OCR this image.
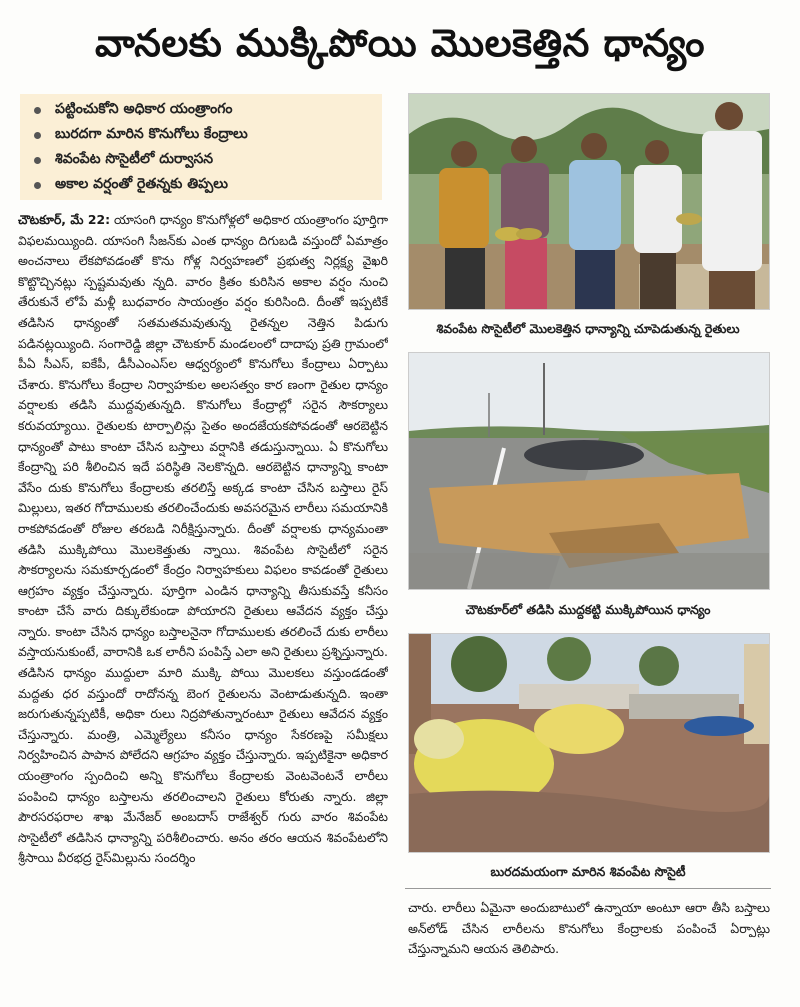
వానలకు ముక్కిపోయి మొలకెత్తిన ధాన్యం
పట్టించుకోని అధికార యంత్రాంగం
బురదగా మారిన కొనుగోలు కేంద్రాలు
శివంపేట సొసైటీలో దుర్వాసన
అకాల వర్షంతో రైతన్నకు తిప్పలు

చౌటకూర్, మే 22: యాసంగి ధాన్యం కొనుగోళ్లలో అధికార యంత్రాంగం పూర్తిగా విఫలమయ్యింది. యాసంగి సీజన్‌కు ఎంత ధాన్యం దిగుబడి వస్తుందో ఏమాత్రం అంచనాలు లేకపోవడంతో కొను గోళ్ల నిర్వహణలో ప్రభుత్వ నిర్లక్ష్య వైఖరి కొట్టొచ్చినట్లు స్పష్టమవుతు న్నది. వారం క్రితం కురిసిన అకాల వర్షం నుంచి తేరుకునే లోపే మళ్లీ బుధవారం సాయంత్రం వర్షం కురిసింది. దీంతో ఇప్పటికే తడిసిన ధాన్యంతో సతమతమవుతున్న రైతన్నల నెత్తిన పిడుగు పడినట్లయ్యింది. సంగారెడ్డి జిల్లా చౌటకూర్ మండలంలో దాదాపు ప్రతి గ్రామంలో పీఏ సీఎస్, ఐకేపీ, డీసీఎంఎస్‌ల ఆధ్వర్యంలో కొనుగోలు కేంద్రాలు ఏర్పాటు చేశారు. కొనుగోలు కేంద్రాల నిర్వాహకుల అలసత్వం కార ణంగా రైతుల ధాన్యం వర్షాలకు తడిసి ముద్దవుతున్నది. కొనుగోలు కేంద్రాల్లో సరైన సౌకర్యాలు కరువయ్యాయి. రైతులకు టార్పాలిన్లు సైతం అందజేయకపోవడంతో ఆరబెట్టిన ధాన్యంతో పాటు కాంటా చేసిన బస్తాలు వర్షానికి తడుస్తున్నాయి. ఏ కొనుగోలు కేంద్రాన్ని పరి శీలించిన ఇదే పరిస్థితి నెలకొన్నది. ఆరబెట్టిన ధాన్యాన్ని కాంటా వేసేం దుకు కొనుగోలు కేంద్రాలకు తరలిస్తే అక్కడ కాంటా చేసిన బస్తాలు రైస్ మిల్లులు, ఇతర గోదాములకు తరలించేందుకు అవసరమైన లారీలు సమయానికి రాకపోవడంతో రోజుల తరబడి నిరీక్షిస్తున్నారు. దీంతో వర్షాలకు ధాన్యమంతా తడిసి ముక్కిపోయి మొలకెత్తుతు న్నాయి. శివంపేట సొసైటీలో సరైన సౌకర్యాలను సమకూర్చడంలో కేంద్రం నిర్వాహకులు విఫలం కావడంతో రైతులు ఆగ్రహం వ్యక్తం చేస్తున్నారు. పూర్తిగా ఎండిన ధాన్యాన్ని తీసుకువస్తే కనీసం కాంటా చేసే వారు దిక్కులేకుండా పోయారని రైతులు ఆవేదన వ్యక్తం చేస్తు న్నారు. కాంటా చేసిన ధాన్యం బస్తాలనైనా గోదాములకు తరలించే దుకు లారీలు వస్తాయనుకుంటే, వారానికి ఒక లారీని పంపిస్తే ఎలా అని రైతులు ప్రశ్నిస్తున్నారు. తడిసిన ధాన్యం ముద్దులా మారి ముక్కి పోయి మొలకలు వస్తుండడంతో మద్దతు ధర వస్తుందో రాదోనన్న బెంగ రైతులను వెంటాడుతున్నది. ఇంతా జరుగుతున్నప్పటికీ, అధికా రులు నిద్రపోతున్నారంటూ రైతులు ఆవేదన వ్యక్తం చేస్తున్నారు. మంత్రి, ఎమ్మెల్యేలు కనీసం ధాన్యం సేకరణపై సమీక్షలు నిర్వహించిన పాపాన పోలేదని ఆగ్రహం వ్యక్తం చేస్తున్నారు. ఇప్పటికైనా అధికార యంత్రాంగం స్పందించి అన్ని కొనుగోలు కేంద్రాలకు వెంటవెంటనే లారీలు పంపించి ధాన్యం బస్తాలను తరలించాలని రైతులు కోరుతు న్నారు. జిల్లా పౌరసరఫరాల శాఖ మేనేజర్ అంబదాస్ రాజేశ్వర్ గురు వారం శివంపేట సొసైటీలో తడిసిన ధాన్యాన్ని పరిశీలించారు. అనం తరం ఆయన శివంపేటలోని శ్రీసాయి వీరభద్ర రైస్‌మిల్లును సందర్శిం

శివంపేట సొసైటీలో మొలకెత్తిన ధాన్యాన్ని చూపెడుతున్న రైతులు
చౌటకూర్‌లో తడిసి ముద్దకట్టి ముక్కిపోయిన ధాన్యం
బురదమయంగా మారిన శివంపేట సొసైటీ

చారు. లారీలు ఏమైనా అందుబాటులో ఉన్నాయా అంటూ ఆరా తీసి బస్తాలు అన్‌లోడ్ చేసిన లారీలను కొనుగోలు కేంద్రాలకు పంపించే ఏర్పాట్లు చేస్తున్నామని ఆయన తెలిపారు.
